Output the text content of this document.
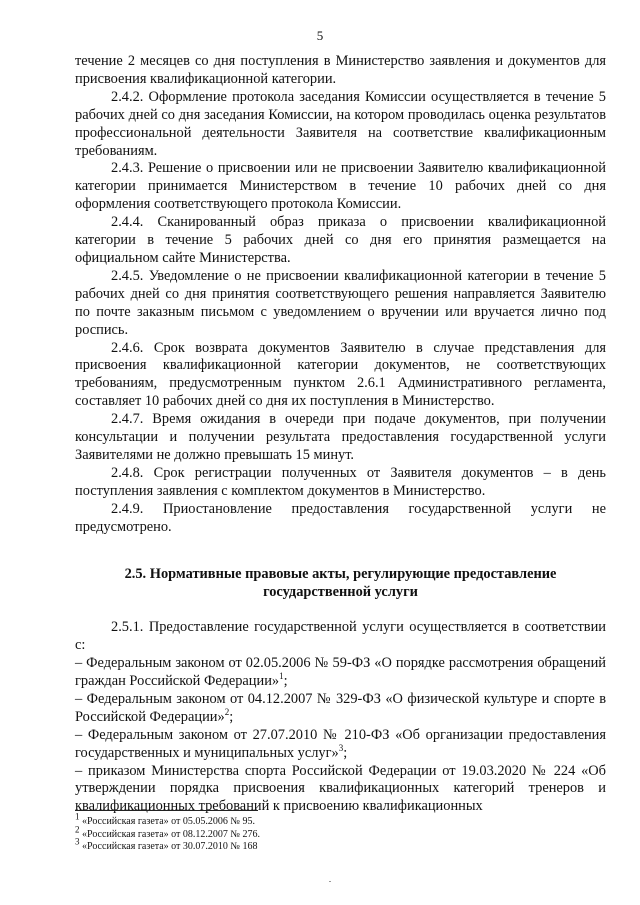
5

течение 2 месяцев со дня поступления в Министерство заявления и документов для присвоения квалификационной категории.

2.4.2. Оформление протокола заседания Комиссии осуществляется в течение 5 рабочих дней со дня заседания Комиссии, на котором проводилась оценка результатов профессиональной деятельности Заявителя на соответствие квалификационным требованиям.

2.4.3. Решение о присвоении или не присвоении Заявителю квалификационной категории принимается Министерством в течение 10 рабочих дней со дня оформления соответствующего протокола Комиссии.

2.4.4. Сканированный образ приказа о присвоении квалификационной категории в течение 5 рабочих дней со дня его принятия размещается на официальном сайте Министерства.

2.4.5. Уведомление о не присвоении квалификационной категории в течение 5 рабочих дней со дня принятия соответствующего решения направляется Заявителю по почте заказным письмом с уведомлением о вручении или вручается лично под роспись.

2.4.6. Срок возврата документов Заявителю в случае представления для присвоения квалификационной категории документов, не соответствующих требованиям, предусмотренным пунктом 2.6.1 Административного регламента, составляет 10 рабочих дней со дня их поступления в Министерство.

2.4.7. Время ожидания в очереди при подаче документов, при получении консультации и получении результата предоставления государственной услуги Заявителями не должно превышать 15 минут.

2.4.8. Срок регистрации полученных от Заявителя документов – в день поступления заявления с комплектом документов в Министерство.

2.4.9. Приостановление предоставления государственной услуги не предусмотрено.

2.5. Нормативные правовые акты, регулирующие предоставление
государственной услуги

2.5.1. Предоставление государственной услуги осуществляется в соответствии с:

– Федеральным законом от 02.05.2006 № 59-ФЗ «О порядке рассмотрения обращений граждан Российской Федерации»$^1$;

– Федеральным законом от 04.12.2007 № 329-ФЗ «О физической культуре и спорте в Российской Федерации»$^2$;

– Федеральным законом от 27.07.2010 № 210-ФЗ «Об организации предоставления государственных и муниципальных услуг»$^3$;

– приказом Министерства спорта Российской Федерации от 19.03.2020 № 224 «Об утверждении порядка присвоения квалификационных категорий тренеров и квалификационных требований к присвоению квалификационных

1 «Российская газета» от 05.05.2006 № 95.

2 «Российская газета» от 08.12.2007 № 276.

3 «Российская газета» от 30.07.2010 № 168
